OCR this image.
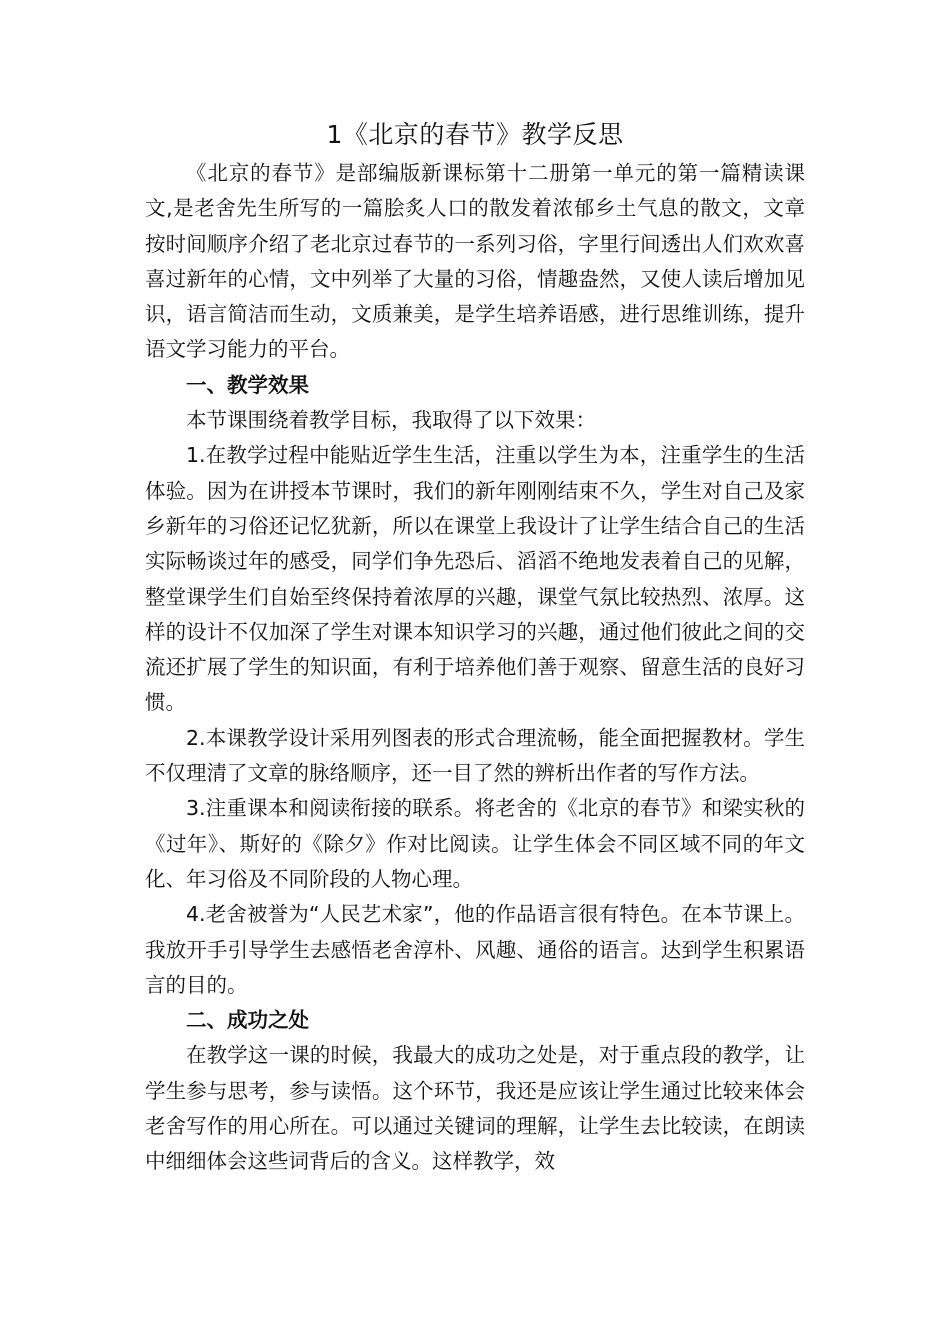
1《北京的春节》教学反思

《北京的春节》是部编版新课标第十二册第一单元的第一篇精读课文,是老舍先生所写的一篇脍炙人口的散发着浓郁乡土气息的散文，文章按时间顺序介绍了老北京过春节的一系列习俗，字里行间透出人们欢欢喜喜过新年的心情，文中列举了大量的习俗，情趣盎然，又使人读后增加见识，语言简洁而生动，文质兼美，是学生培养语感，进行思维训练，提升语文学习能力的平台。

一、教学效果

本节课围绕着教学目标，我取得了以下效果：

1.在教学过程中能贴近学生生活，注重以学生为本，注重学生的生活体验。因为在讲授本节课时，我们的新年刚刚结束不久，学生对自己及家乡新年的习俗还记忆犹新，所以在课堂上我设计了让学生结合自己的生活实际畅谈过年的感受，同学们争先恐后、滔滔不绝地发表着自己的见解，整堂课学生们自始至终保持着浓厚的兴趣，课堂气氛比较热烈、浓厚。这样的设计不仅加深了学生对课本知识学习的兴趣，通过他们彼此之间的交流还扩展了学生的知识面，有利于培养他们善于观察、留意生活的良好习惯。

2.本课教学设计采用列图表的形式合理流畅，能全面把握教材。学生不仅理清了文章的脉络顺序，还一目了然的辨析出作者的写作方法。

3.注重课本和阅读衔接的联系。将老舍的《北京的春节》和梁实秋的《过年》、斯好的《除夕》作对比阅读。让学生体会不同区域不同的年文化、年习俗及不同阶段的人物心理。

4.老舍被誉为“人民艺术家”，他的作品语言很有特色。在本节课上。我放开手引导学生去感悟老舍淳朴、风趣、通俗的语言。达到学生积累语言的目的。

二、成功之处

在教学这一课的时候，我最大的成功之处是，对于重点段的教学，让学生参与思考，参与读悟。这个环节，我还是应该让学生通过比较来体会老舍写作的用心所在。可以通过关键词的理解，让学生去比较读，在朗读中细细体会这些词背后的含义。这样教学，效
